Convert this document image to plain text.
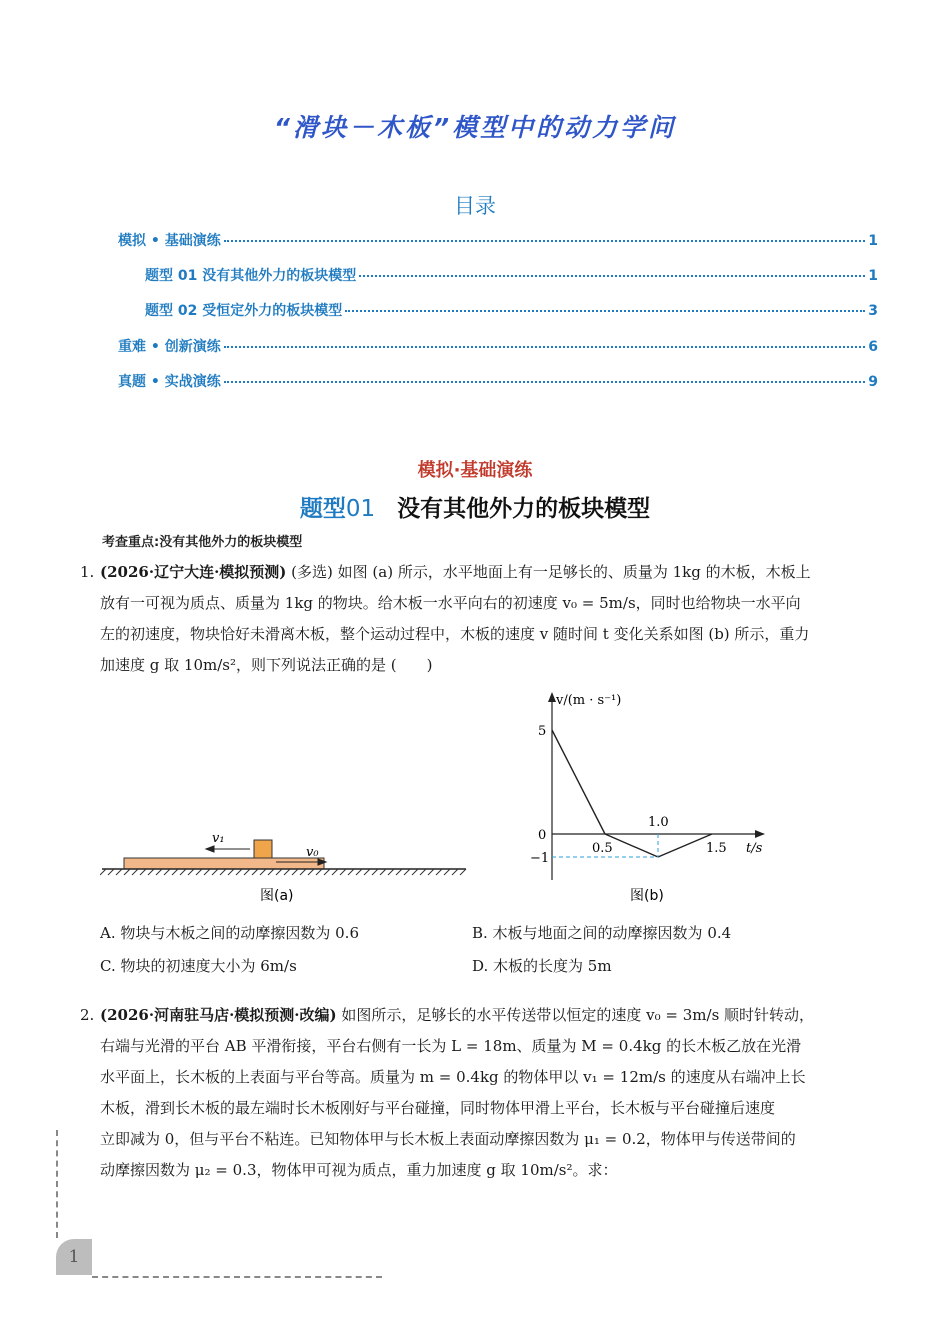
“滑块－木板”模型中的动力学问
目录
模拟 • 基础演练	1
题型 01 没有其他外力的板块模型	1
题型 02 受恒定外力的板块模型	3
重难 • 创新演练	6
真题 • 实战演练	9
模拟·基础演练
题型01 没有其他外力的板块模型
考查重点:没有其他外力的板块模型
1. (2026·辽宁大连·模拟预测) (多选) 如图 (a) 所示，水平地面上有一足够长的、质量为 1kg 的木板，木板上
放有一可视为质点、质量为 1kg 的物块。给木板一水平向右的初速度 v₀ = 5m/s，同时也给物块一水平向
左的初速度，物块恰好未滑离木板，整个运动过程中，木板的速度 v 随时间 t 变化关系如图 (b) 所示，重力
加速度 g 取 10m/s²，则下列说法正确的是 (　　)
v₁
v₀
图(a)
v/(m · s⁻¹)
t/s
5
0
−1
0.5
1.0
1.5
图(b)
A. 物块与木板之间的动摩擦因数为 0.6	B. 木板与地面之间的动摩擦因数为 0.4
C. 物块的初速度大小为 6m/s	D. 木板的长度为 5m
2. (2026·河南驻马店·模拟预测·改编) 如图所示，足够长的水平传送带以恒定的速度 v₀ = 3m/s 顺时针转动，
右端与光滑的平台 AB 平滑衔接，平台右侧有一长为 L = 18m、质量为 M = 0.4kg 的长木板乙放在光滑
水平面上，长木板的上表面与平台等高。质量为 m = 0.4kg 的物体甲以 v₁ = 12m/s 的速度从右端冲上长
木板，滑到长木板的最左端时长木板刚好与平台碰撞，同时物体甲滑上平台，长木板与平台碰撞后速度
立即减为 0，但与平台不粘连。已知物体甲与长木板上表面动摩擦因数为 μ₁ = 0.2，物体甲与传送带间的
动摩擦因数为 μ₂ = 0.3，物体甲可视为质点，重力加速度 g 取 10m/s²。求：
1
